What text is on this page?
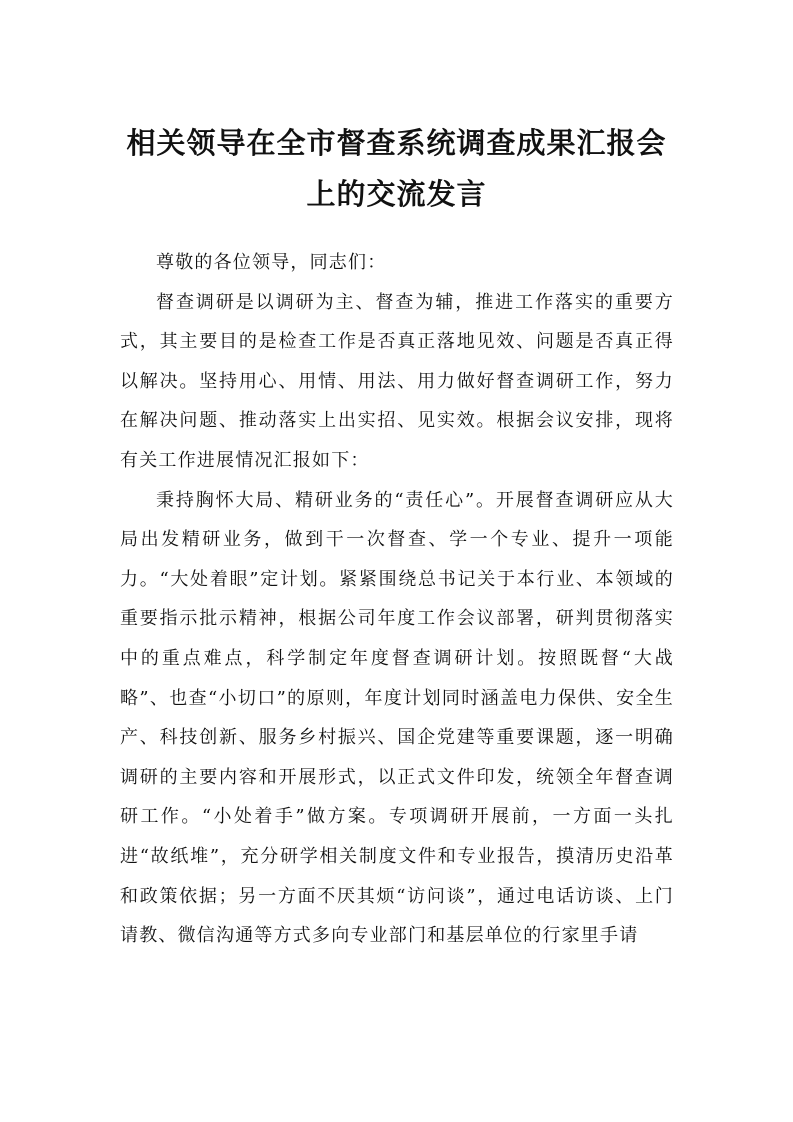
相关领导在全市督查系统调查成果汇报会上的交流发言

尊敬的各位领导，同志们：

督查调研是以调研为主、督查为辅，推进工作落实的重要方式，其主要目的是检查工作是否真正落地见效、问题是否真正得以解决。坚持用心、用情、用法、用力做好督查调研工作，努力在解决问题、推动落实上出实招、见实效。根据会议安排，现将有关工作进展情况汇报如下：

秉持胸怀大局、精研业务的“责任心”。开展督查调研应从大局出发精研业务，做到干一次督查、学一个专业、提升一项能力。“大处着眼”定计划。紧紧围绕总书记关于本行业、本领域的重要指示批示精神，根据公司年度工作会议部署，研判贯彻落实中的重点难点，科学制定年度督查调研计划。按照既督“大战略”、也查“小切口”的原则，年度计划同时涵盖电力保供、安全生产、科技创新、服务乡村振兴、国企党建等重要课题，逐一明确调研的主要内容和开展形式，以正式文件印发，统领全年督查调研工作。“小处着手”做方案。专项调研开展前，一方面一头扎进“故纸堆”，充分研学相关制度文件和专业报告，摸清历史沿革和政策依据；另一方面不厌其烦“访问谈”，通过电话访谈、上门请教、微信沟通等方式多向专业部门和基层单位的行家里手请
